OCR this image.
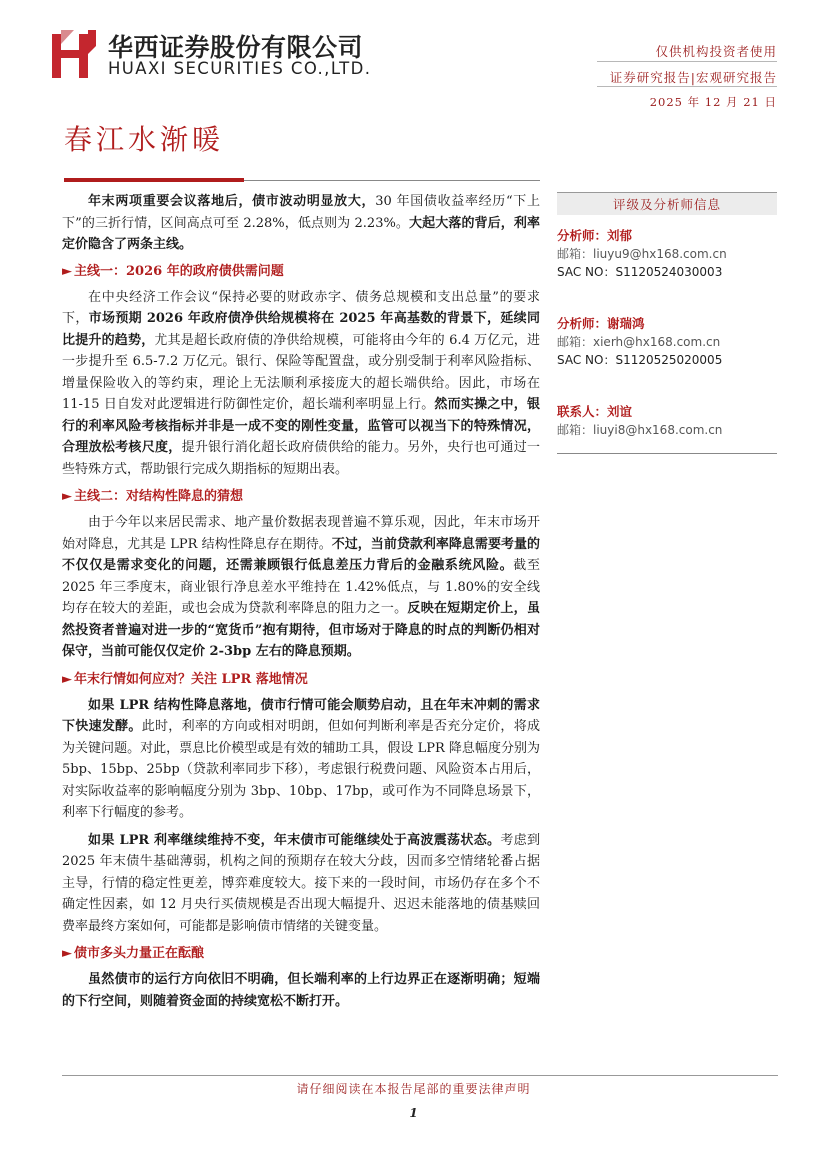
华西证券股份有限公司
HUAXI SECURITIES CO.,LTD.
仅供机构投资者使用
证券研究报告|宏观研究报告
2025 年 12 月 21 日
春江水渐暖

年末两项重要会议落地后，债市波动明显放大，30 年国债收益率经历“下上下”的三折行情，区间高点可至 2.28%，低点则为 2.23%。大起大落的背后，利率定价隐含了两条主线。

► 主线一：2026 年的政府债供需问题

在中央经济工作会议“保持必要的财政赤字、债务总规模和支出总量”的要求下，市场预期 2026 年政府债净供给规模将在 2025 年高基数的背景下，延续同比提升的趋势，尤其是超长政府债的净供给规模，可能将由今年的 6.4 万亿元，进一步提升至 6.5-7.2 万亿元。银行、保险等配置盘，或分别受制于利率风险指标、增量保险收入的等约束，理论上无法顺利承接庞大的超长端供给。因此，市场在 11-15 日自发对此逻辑进行防御性定价，超长端利率明显上行。然而实操之中，银行的利率风险考核指标并非是一成不变的刚性变量，监管可以视当下的特殊情况，合理放松考核尺度，提升银行消化超长政府债供给的能力。另外，央行也可通过一些特殊方式，帮助银行完成久期指标的短期出表。

► 主线二：对结构性降息的猜想

由于今年以来居民需求、地产量价数据表现普遍不算乐观，因此，年末市场开始对降息，尤其是 LPR 结构性降息存在期待。不过，当前贷款利率降息需要考量的不仅仅是需求变化的问题，还需兼顾银行低息差压力背后的金融系统风险。截至 2025 年三季度末，商业银行净息差水平维持在 1.42%低点，与 1.80%的安全线均存在较大的差距，或也会成为贷款利率降息的阻力之一。反映在短期定价上，虽然投资者普遍对进一步的“宽货币”抱有期待，但市场对于降息的时点的判断仍相对保守，当前可能仅仅定价 2-3bp 左右的降息预期。

► 年末行情如何应对？关注 LPR 落地情况

如果 LPR 结构性降息落地，债市行情可能会顺势启动，且在年末冲刺的需求下快速发酵。此时，利率的方向或相对明朗，但如何判断利率是否充分定价，将成为关键问题。对此，票息比价模型或是有效的辅助工具，假设 LPR 降息幅度分别为 5bp、15bp、25bp（贷款利率同步下移），考虑银行税费问题、风险资本占用后，对实际收益率的影响幅度分别为 3bp、10bp、17bp，或可作为不同降息场景下，利率下行幅度的参考。

如果 LPR 利率继续维持不变，年末债市可能继续处于高波震荡状态。考虑到 2025 年末债牛基础薄弱，机构之间的预期存在较大分歧，因而多空情绪轮番占据主导，行情的稳定性更差，博弈难度较大。接下来的一段时间，市场仍存在多个不确定性因素，如 12 月央行买债规模是否出现大幅提升、迟迟未能落地的债基赎回费率最终方案如何，可能都是影响债市情绪的关键变量。

► 债市多头力量正在酝酿

虽然债市的运行方向依旧不明确，但长端利率的上行边界正在逐渐明确；短端的下行空间，则随着资金面的持续宽松不断打开。

评级及分析师信息
分析师：刘郁
邮箱：liuyu9@hx168.com.cn
SAC NO：S1120524030003
分析师：谢瑞鸿
邮箱：xierh@hx168.com.cn
SAC NO：S1120525020005
联系人：刘谊
邮箱：liuyi8@hx168.com.cn
请仔细阅读在本报告尾部的重要法律声明
1
